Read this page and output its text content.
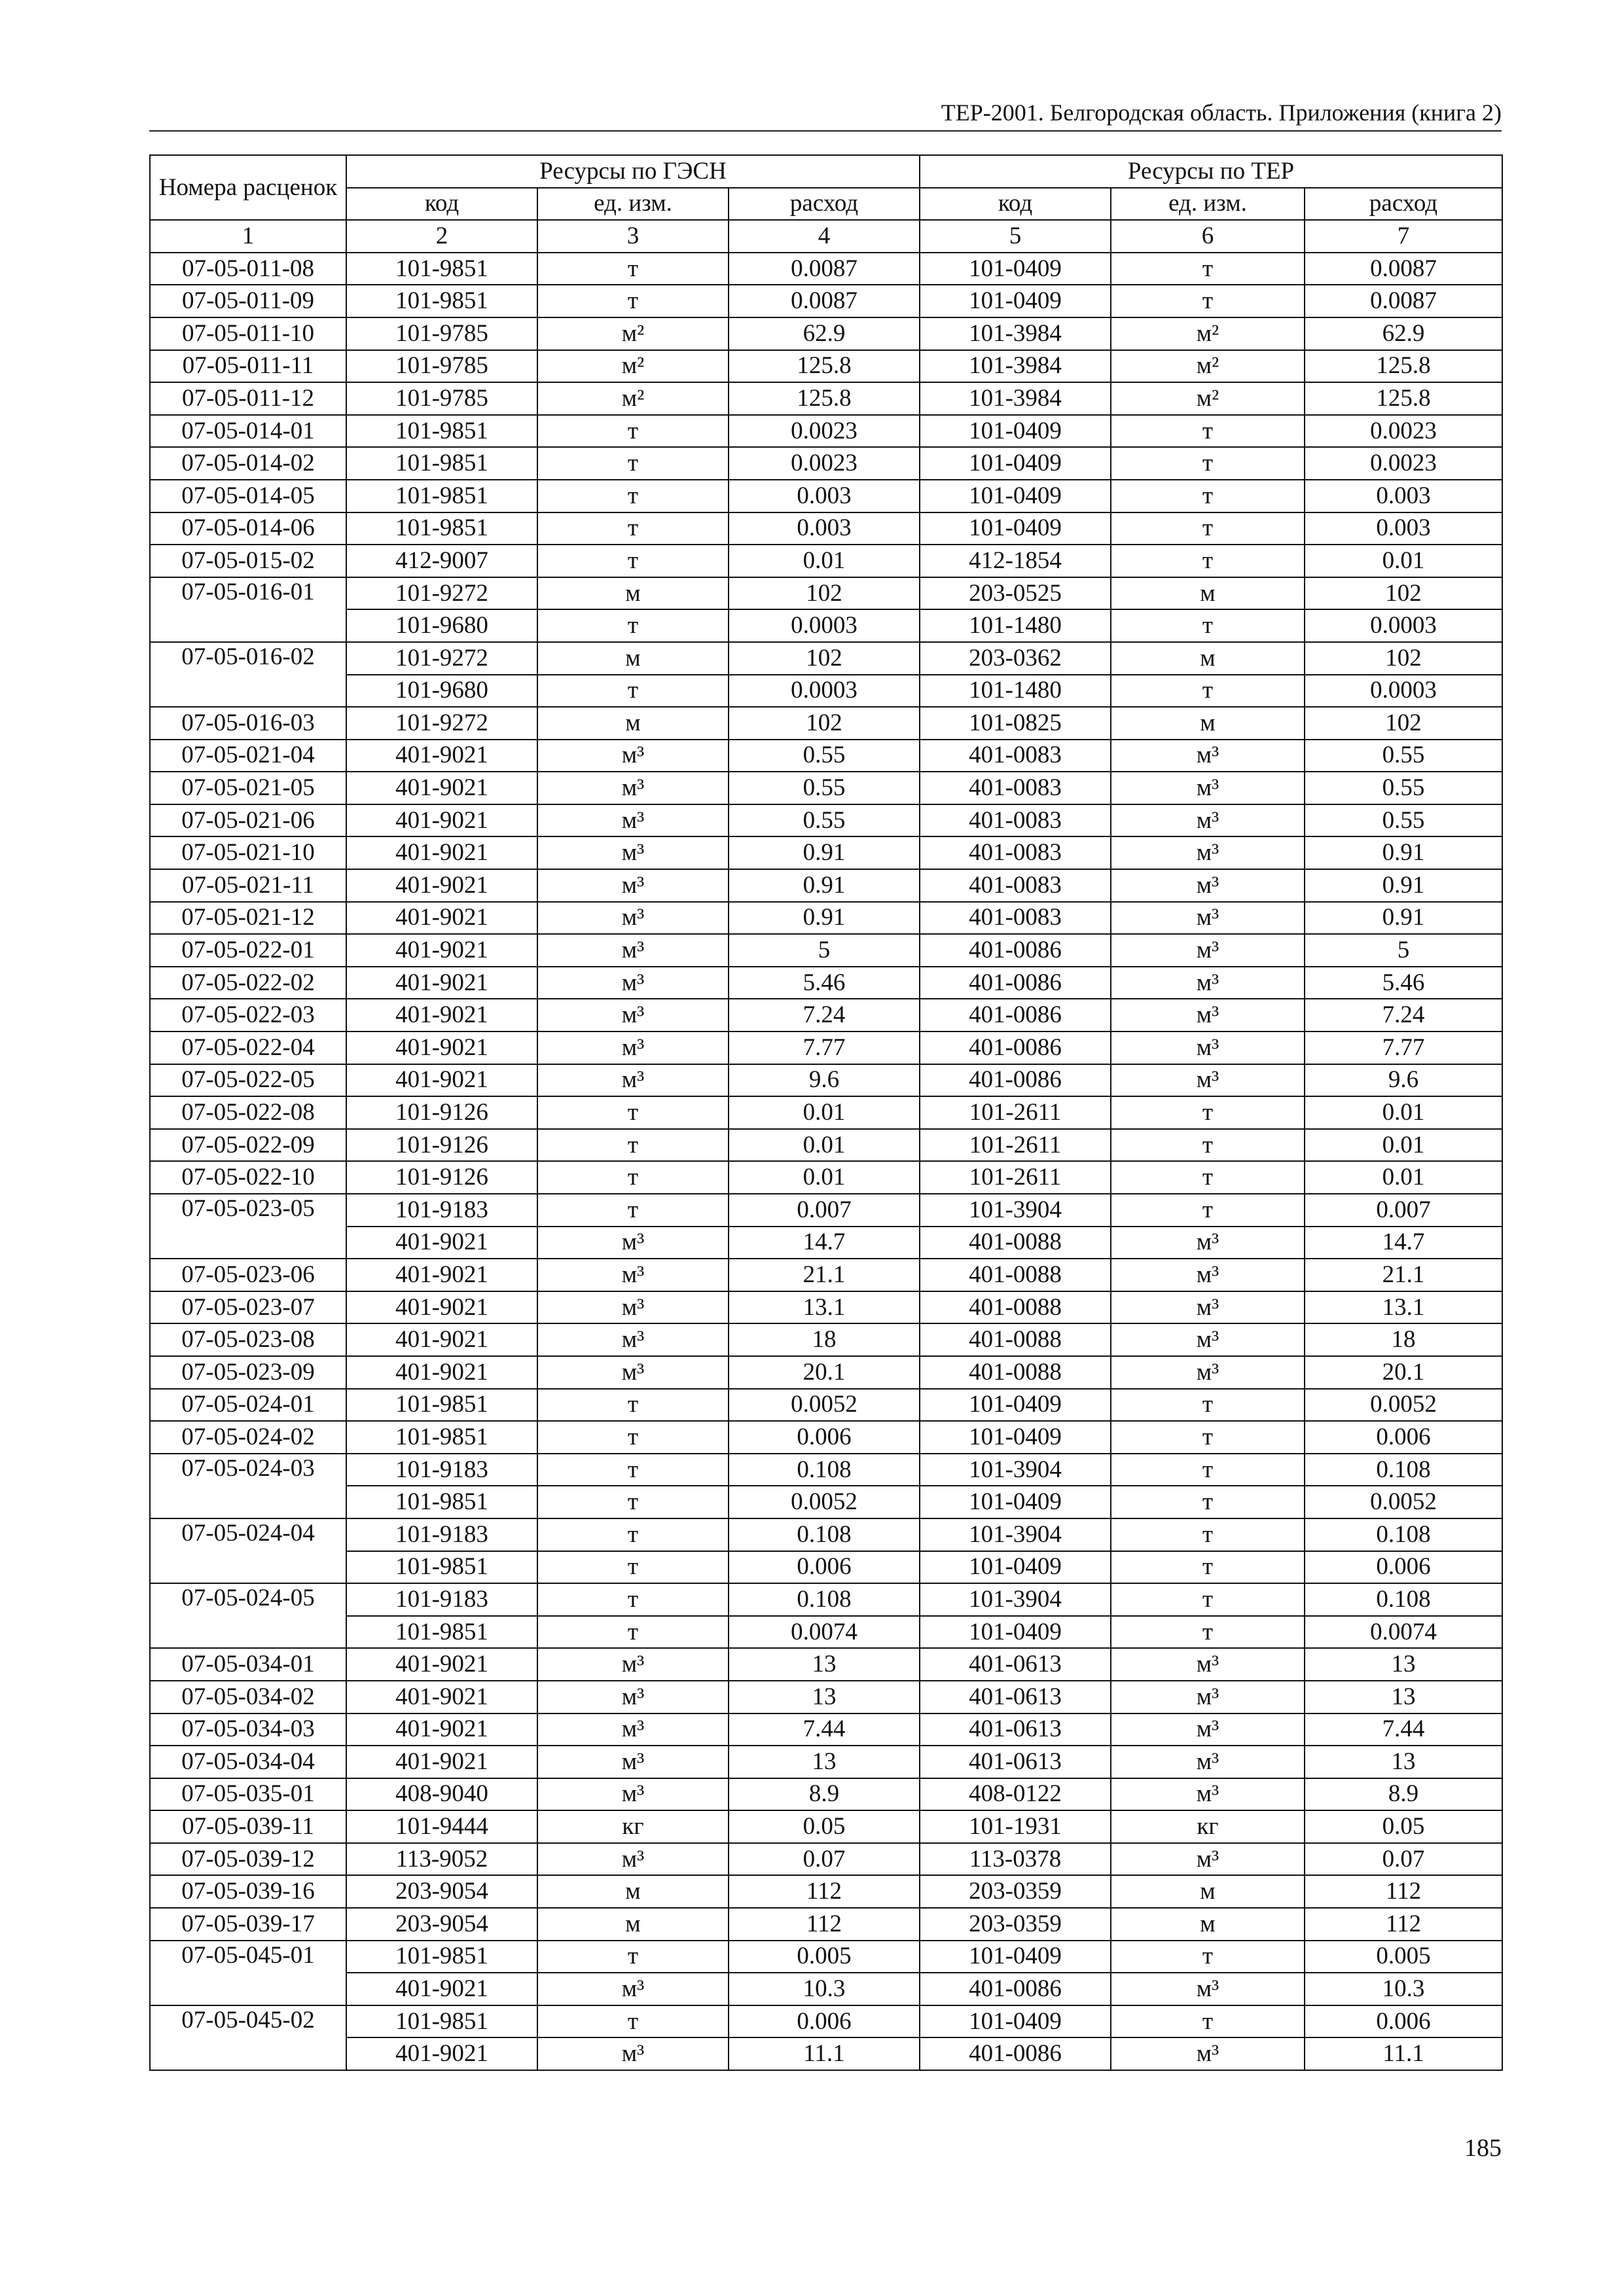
ТЕР-2001. Белгородская область. Приложения (книга 2)
Номера расценок	Ресурсы по ГЭСН			Ресурсы по ТЕР		
	код	ед. изм.	расход	код	ед. изм.	расход
1	2	3	4	5	6	7
07-05-011-08	101-9851	т	0.0087	101-0409	т	0.0087
07-05-011-09	101-9851	т	0.0087	101-0409	т	0.0087
07-05-011-10	101-9785	м²	62.9	101-3984	м²	62.9
07-05-011-11	101-9785	м²	125.8	101-3984	м²	125.8
07-05-011-12	101-9785	м²	125.8	101-3984	м²	125.8
07-05-014-01	101-9851	т	0.0023	101-0409	т	0.0023
07-05-014-02	101-9851	т	0.0023	101-0409	т	0.0023
07-05-014-05	101-9851	т	0.003	101-0409	т	0.003
07-05-014-06	101-9851	т	0.003	101-0409	т	0.003
07-05-015-02	412-9007	т	0.01	412-1854	т	0.01
07-05-016-01	101-9272	м	102	203-0525	м	102
	101-9680	т	0.0003	101-1480	т	0.0003
07-05-016-02	101-9272	м	102	203-0362	м	102
	101-9680	т	0.0003	101-1480	т	0.0003
07-05-016-03	101-9272	м	102	101-0825	м	102
07-05-021-04	401-9021	м³	0.55	401-0083	м³	0.55
07-05-021-05	401-9021	м³	0.55	401-0083	м³	0.55
07-05-021-06	401-9021	м³	0.55	401-0083	м³	0.55
07-05-021-10	401-9021	м³	0.91	401-0083	м³	0.91
07-05-021-11	401-9021	м³	0.91	401-0083	м³	0.91
07-05-021-12	401-9021	м³	0.91	401-0083	м³	0.91
07-05-022-01	401-9021	м³	5	401-0086	м³	5
07-05-022-02	401-9021	м³	5.46	401-0086	м³	5.46
07-05-022-03	401-9021	м³	7.24	401-0086	м³	7.24
07-05-022-04	401-9021	м³	7.77	401-0086	м³	7.77
07-05-022-05	401-9021	м³	9.6	401-0086	м³	9.6
07-05-022-08	101-9126	т	0.01	101-2611	т	0.01
07-05-022-09	101-9126	т	0.01	101-2611	т	0.01
07-05-022-10	101-9126	т	0.01	101-2611	т	0.01
07-05-023-05	101-9183	т	0.007	101-3904	т	0.007
	401-9021	м³	14.7	401-0088	м³	14.7
07-05-023-06	401-9021	м³	21.1	401-0088	м³	21.1
07-05-023-07	401-9021	м³	13.1	401-0088	м³	13.1
07-05-023-08	401-9021	м³	18	401-0088	м³	18
07-05-023-09	401-9021	м³	20.1	401-0088	м³	20.1
07-05-024-01	101-9851	т	0.0052	101-0409	т	0.0052
07-05-024-02	101-9851	т	0.006	101-0409	т	0.006
07-05-024-03	101-9183	т	0.108	101-3904	т	0.108
	101-9851	т	0.0052	101-0409	т	0.0052
07-05-024-04	101-9183	т	0.108	101-3904	т	0.108
	101-9851	т	0.006	101-0409	т	0.006
07-05-024-05	101-9183	т	0.108	101-3904	т	0.108
	101-9851	т	0.0074	101-0409	т	0.0074
07-05-034-01	401-9021	м³	13	401-0613	м³	13
07-05-034-02	401-9021	м³	13	401-0613	м³	13
07-05-034-03	401-9021	м³	7.44	401-0613	м³	7.44
07-05-034-04	401-9021	м³	13	401-0613	м³	13
07-05-035-01	408-9040	м³	8.9	408-0122	м³	8.9
07-05-039-11	101-9444	кг	0.05	101-1931	кг	0.05
07-05-039-12	113-9052	м³	0.07	113-0378	м³	0.07
07-05-039-16	203-9054	м	112	203-0359	м	112
07-05-039-17	203-9054	м	112	203-0359	м	112
07-05-045-01	101-9851	т	0.005	101-0409	т	0.005
	401-9021	м³	10.3	401-0086	м³	10.3
07-05-045-02	101-9851	т	0.006	101-0409	т	0.006
	401-9021	м³	11.1	401-0086	м³	11.1
185
